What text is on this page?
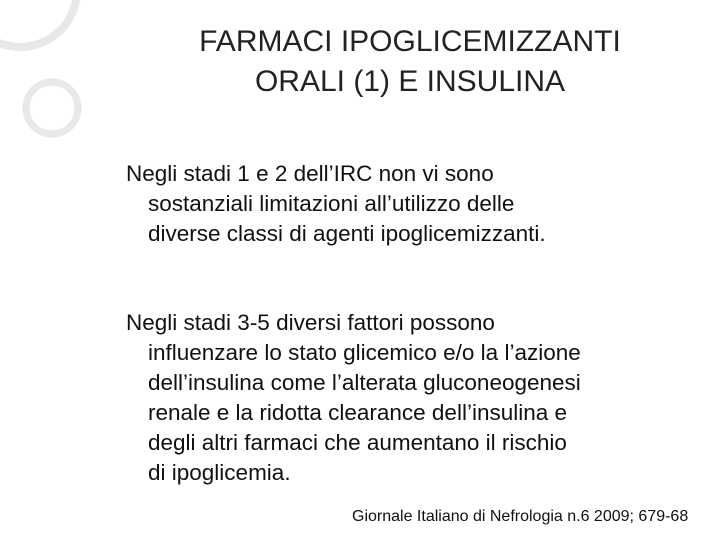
FARMACI IPOGLICEMIZZANTI
ORALI (1) E INSULINA
Negli stadi 1 e 2 dell’IRC non vi sono
sostanziali limitazioni all’utilizzo delle
diverse classi di agenti ipoglicemizzanti.
Negli stadi 3-5 diversi fattori possono
influenzare lo stato glicemico e/o la l’azione
dell’insulina come l’alterata gluconeogenesi
renale e la ridotta clearance dell’insulina e
degli altri farmaci che aumentano il rischio
di ipoglicemia.
Giornale Italiano di Nefrologia n.6 2009; 679-68
